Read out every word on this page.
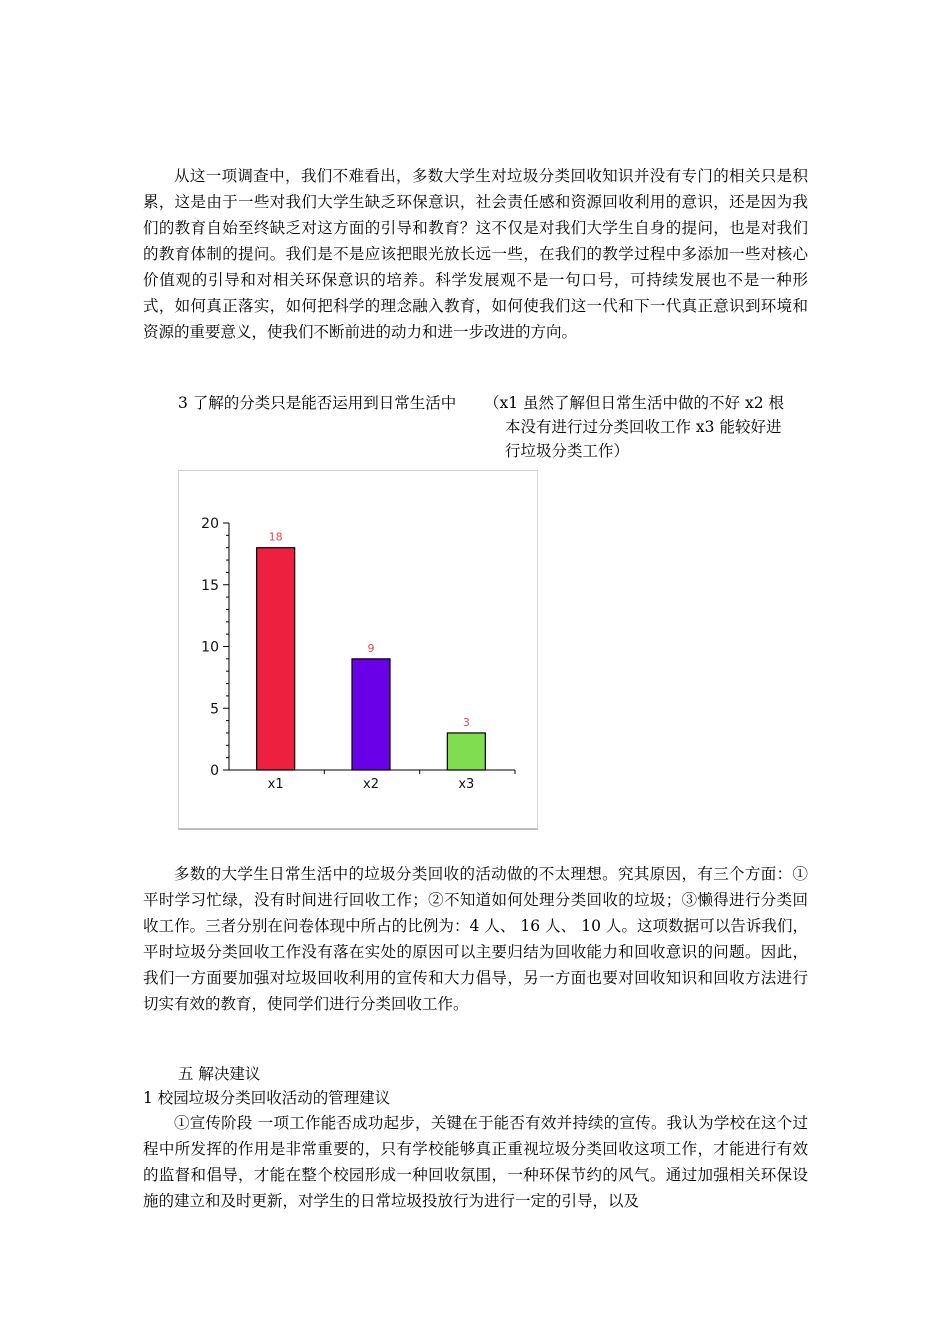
从这一项调查中，我们不难看出，多数大学生对垃圾分类回收知识并没有专门的相关只是积累，这是由于一些对我们大学生缺乏环保意识，社会责任感和资源回收利用的意识，还是因为我们的教育自始至终缺乏对这方面的引导和教育？这不仅是对我们大学生自身的提问，也是对我们的教育体制的提问。我们是不是应该把眼光放长远一些，在我们的教学过程中多添加一些对核心价值观的引导和对相关环保意识的培养。科学发展观不是一句口号，可持续发展也不是一种形式，如何真正落实，如何把科学的理念融入教育，如何使我们这一代和下一代真正意识到环境和资源的重要意义，使我们不断前进的动力和进一步改进的方向。

3 了解的分类只是能否运用到日常生活中 （x1 虽然了解但日常生活中做的不好 x2 根
本没有进行过分类回收工作 x3 能较好进
行垃圾分类工作）
0
5
10
15
20
18
x1
9
x2
3
x3

多数的大学生日常生活中的垃圾分类回收的活动做的不太理想。究其原因，有三个方面：①平时学习忙绿，没有时间进行回收工作；②不知道如何处理分类回收的垃圾；③懒得进行分类回收工作。三者分别在问卷体现中所占的比例为：4 人、 16 人、 10 人。这项数据可以告诉我们，平时垃圾分类回收工作没有落在实处的原因可以主要归结为回收能力和回收意识的问题。因此，我们一方面要加强对垃圾回收利用的宣传和大力倡导，另一方面也要对回收知识和回收方法进行切实有效的教育，使同学们进行分类回收工作。

五 解决建议
1 校园垃圾分类回收活动的管理建议

①宣传阶段 一项工作能否成功起步，关键在于能否有效并持续的宣传。我认为学校在这个过程中所发挥的作用是非常重要的，只有学校能够真正重视垃圾分类回收这项工作，才能进行有效的监督和倡导，才能在整个校园形成一种回收氛围，一种环保节约的风气。通过加强相关环保设施的建立和及时更新，对学生的日常垃圾投放行为进行一定的引导，以及
